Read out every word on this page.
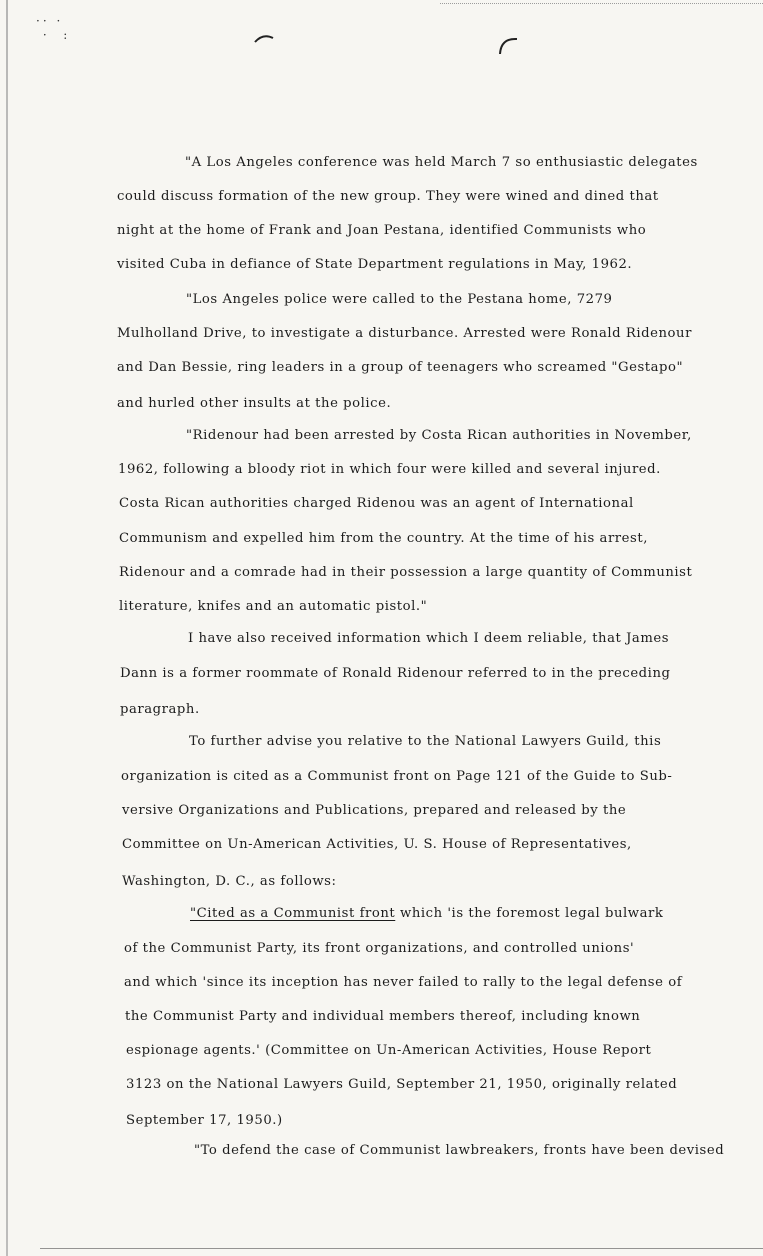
·· ·
·  :
"A Los Angeles conference was held March 7 so enthusiastic delegates
could discuss formation of the new group. They were wined and dined that
night at the home of Frank and Joan Pestana, identified Communists who
visited Cuba in defiance of State Department regulations in May, 1962.
"Los Angeles police were called to the Pestana home, 7279
Mulholland Drive, to investigate a disturbance. Arrested were Ronald Ridenour
and Dan Bessie, ring leaders in a group of teenagers who screamed "Gestapo"
and hurled other insults at the police.
"Ridenour had been arrested by Costa Rican authorities in November,
1962, following a bloody riot in which four were killed and several injured.
Costa Rican authorities charged Ridenou was an agent of International
Communism and expelled him from the country. At the time of his arrest,
Ridenour and a comrade had in their possession a large quantity of Communist
literature, knifes and an automatic pistol."
I have also received information which I deem reliable, that James
Dann is a former roommate of Ronald Ridenour referred to in the preceding
paragraph.
To further advise you relative to the National Lawyers Guild, this
organization is cited as a Communist front on Page 121 of the Guide to Sub-
versive Organizations and Publications, prepared and released by the
Committee on Un-American Activities, U. S. House of Representatives,
Washington, D. C., as follows:
"Cited as a Communist front which 'is the foremost legal bulwark
of the Communist Party, its front organizations, and controlled unions'
and which 'since its inception has never failed to rally to the legal defense of
the Communist Party and individual members thereof, including known
espionage agents.' (Committee on Un-American Activities, House Report
3123 on the National Lawyers Guild, September 21, 1950, originally related
September 17, 1950.)
"To defend the case of Communist lawbreakers, fronts have been devised
